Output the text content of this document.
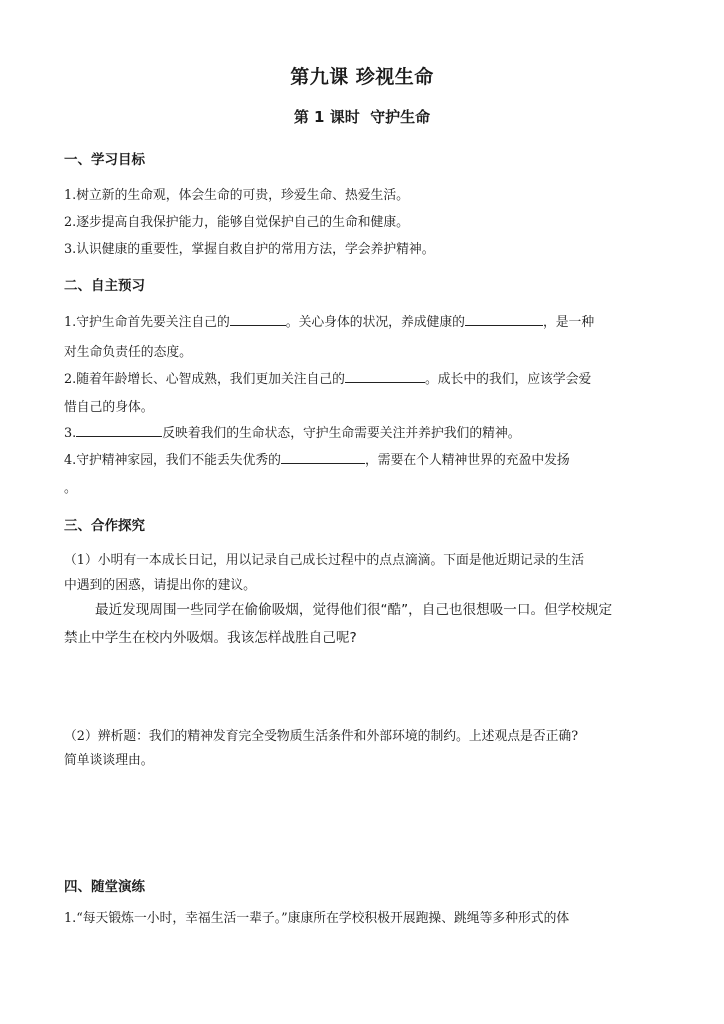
第九课 珍视生命
第 1 课时  守护生命
一、学习目标
1.树立新的生命观，体会生命的可贵，珍爱生命、热爱生活。
2.逐步提高自我保护能力，能够自觉保护自己的生命和健康。
3.认识健康的重要性，掌握自救自护的常用方法，学会养护精神。
二、自主预习
1.守护生命首先要关注自己的	。关心身体的状况，养成健康的	，是一种
对生命负责任的态度。
2.随着年龄增长、心智成熟，我们更加关注自己的	。成长中的我们，应该学会爱
惜自己的身体。
3.	反映着我们的生命状态，守护生命需要关注并养护我们的精神。
4.守护精神家园，我们不能丢失优秀的	，需要在个人精神世界的充盈中发扬
。
三、合作探究
（1）小明有一本成长日记，用以记录自己成长过程中的点点滴滴。下面是他近期记录的生活
中遇到的困惑，请提出你的建议。
最近发现周围一些同学在偷偷吸烟，觉得他们很“酷”，自己也很想吸一口。但学校规定
禁止中学生在校内外吸烟。我该怎样战胜自己呢?
（2）辨析题：我们的精神发育完全受物质生活条件和外部环境的制约。上述观点是否正确?
简单谈谈理由。
四、随堂演练
1.“每天锻炼一小时，幸福生活一辈子。”康康所在学校积极开展跑操、跳绳等多种形式的体
